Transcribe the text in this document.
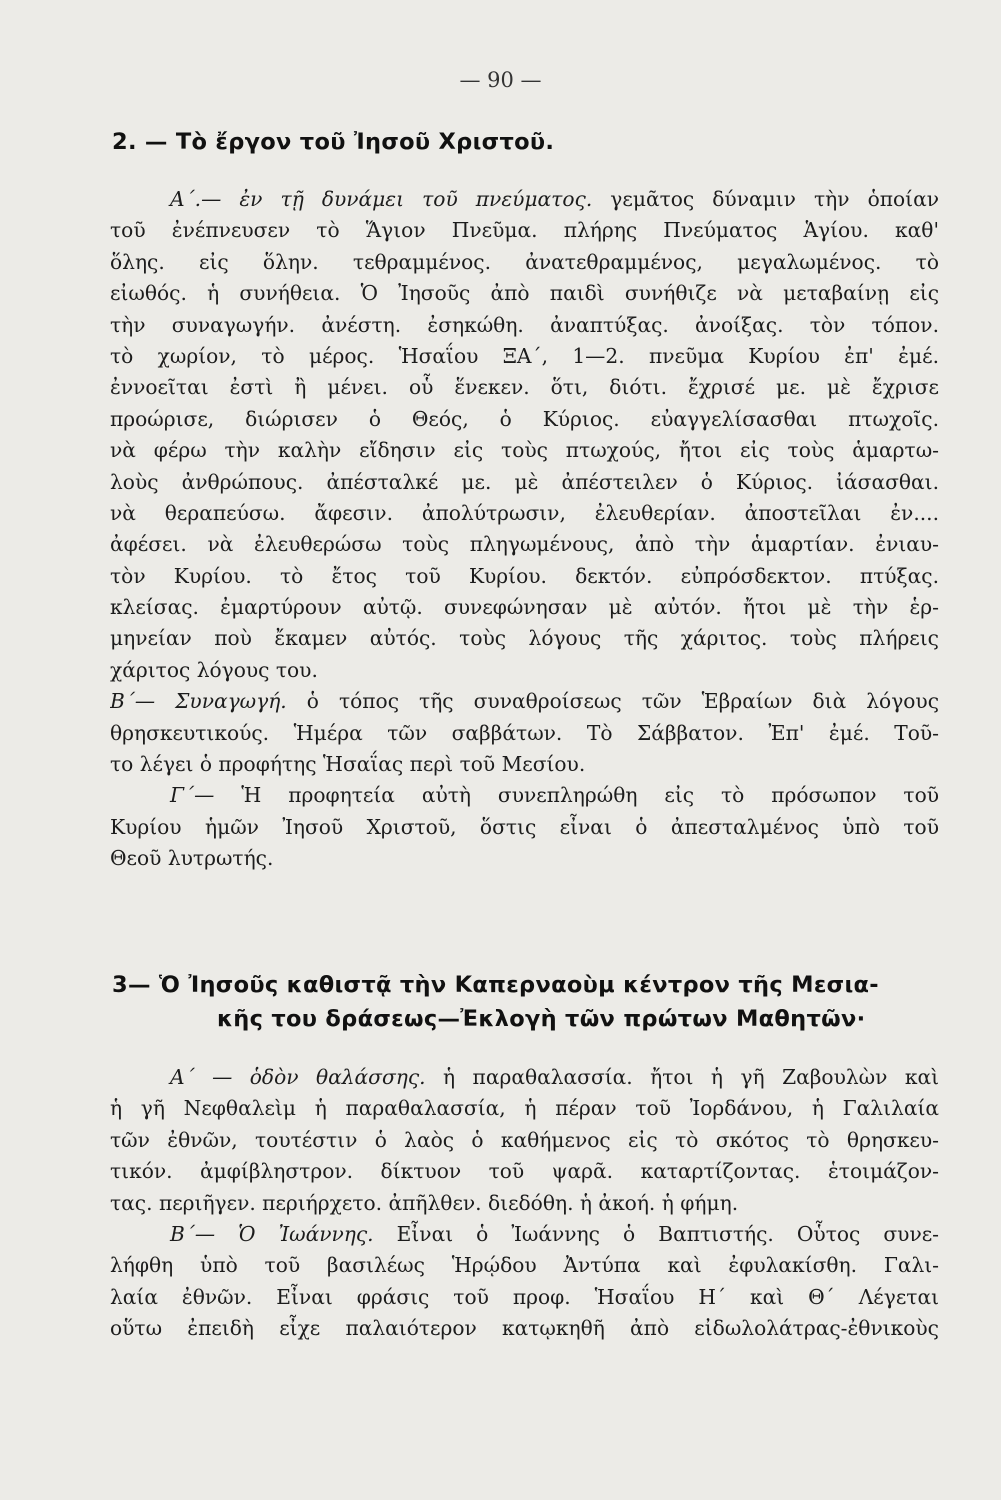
— 90 —
2. — Τὸ ἔργον τοῦ Ἰησοῦ Χριστοῦ.
Α΄.— ἐν τῇ δυνάμει τοῦ πνεύματος. γεμᾶτος δύναμιν τὴν ὁποίαν
τοῦ ἐνέπνευσεν τὸ Ἅγιον Πνεῦμα. πλήρης Πνεύματος Ἁγίου. καθ'
ὅλης. εἰς ὅλην. τεθραμμένος. ἀνατεθραμμένος, μεγαλωμένος. τὸ
εἰωθός. ἡ συνήθεια. Ὁ Ἰησοῦς ἀπὸ παιδὶ συνήθιζε νὰ μεταβαίνῃ εἰς
τὴν συναγωγήν. ἀνέστη. ἐσηκώθη. ἀναπτύξας. ἀνοίξας. τὸν τόπον.
τὸ χωρίον, τὸ μέρος. Ἡσαΐου ΞΑ΄, 1—2. πνεῦμα Κυρίου ἐπ' ἐμέ.
ἐννοεῖται ἐστὶ ἢ μένει. οὗ ἕνεκεν. ὅτι, διότι. ἔχρισέ με. μὲ ἔχρισε
προώρισε, διώρισεν ὁ Θεός, ὁ Κύριος. εὐαγγελίσασθαι πτωχοῖς.
νὰ φέρω τὴν καλὴν εἴδησιν εἰς τοὺς πτωχούς, ἤτοι εἰς τοὺς ἁμαρτω-
λοὺς ἀνθρώπους. ἀπέσταλκέ με. μὲ ἀπέστειλεν ὁ Κύριος. ἰάσασθαι.
νὰ θεραπεύσω. ἄφεσιν. ἀπολύτρωσιν, ἐλευθερίαν. ἀποστεῖλαι ἐν....
ἀφέσει. νὰ ἐλευθερώσω τοὺς πληγωμένους, ἀπὸ τὴν ἁμαρτίαν. ἐνιαυ-
τὸν Κυρίου. τὸ ἔτος τοῦ Κυρίου. δεκτόν. εὐπρόσδεκτον. πτύξας.
κλείσας. ἐμαρτύρουν αὐτῷ. συνεφώνησαν μὲ αὐτόν. ἤτοι μὲ τὴν ἑρ-
μηνείαν ποὺ ἔκαμεν αὐτός. τοὺς λόγους τῆς χάριτος. τοὺς πλήρεις
χάριτος λόγους του.
Β΄— Συναγωγή. ὁ τόπος τῆς συναθροίσεως τῶν Ἑβραίων διὰ λόγους
θρησκευτικούς. Ἡμέρα τῶν σαββάτων. Τὸ Σάββατον. Ἐπ' ἐμέ. Τοῦ-
το λέγει ὁ προφήτης Ἡσαΐας περὶ τοῦ Μεσίου.
Γ΄— Ἡ προφητεία αὐτὴ συνεπληρώθη εἰς τὸ πρόσωπον τοῦ
Κυρίου ἡμῶν Ἰησοῦ Χριστοῦ, ὅστις εἶναι ὁ ἀπεσταλμένος ὑπὸ τοῦ
Θεοῦ λυτρωτής.
3— Ὁ Ἰησοῦς καθιστᾷ τὴν Καπερναοὺμ κέντρον τῆς Μεσια-
κῆς του δράσεως—Ἐκλογὴ τῶν πρώτων Μαθητῶν·
Α΄ — ὁδὸν θαλάσσης. ἡ παραθαλασσία. ἤτοι ἡ γῆ Ζαβουλὼν καὶ
ἡ γῆ Νεφθαλεὶμ ἡ παραθαλασσία, ἡ πέραν τοῦ Ἰορδάνου, ἡ Γαλιλαία
τῶν ἐθνῶν, τουτέστιν ὁ λαὸς ὁ καθήμενος εἰς τὸ σκότος τὸ θρησκευ-
τικόν. ἀμφίβληστρον. δίκτυον τοῦ ψαρᾶ. καταρτίζοντας. ἑτοιμάζον-
τας. περιῆγεν. περιήρχετο. ἀπῆλθεν. διεδόθη. ἡ ἀκοή. ἡ φήμη.
Β΄— Ὁ Ἰωάννης. Εἶναι ὁ Ἰωάννης ὁ Βαπτιστής. Οὗτος συνε-
λήφθη ὑπὸ τοῦ βασιλέως Ἡρῴδου Ἀντύπα καὶ ἐφυλακίσθη. Γαλι-
λαία ἐθνῶν. Εἶναι φράσις τοῦ προφ. Ἡσαΐου Η΄ καὶ Θ΄ Λέγεται
οὕτω ἐπειδὴ εἶχε παλαιότερον κατῳκηθῆ ἀπὸ εἰδωλολάτρας-ἐθνικοὺς
